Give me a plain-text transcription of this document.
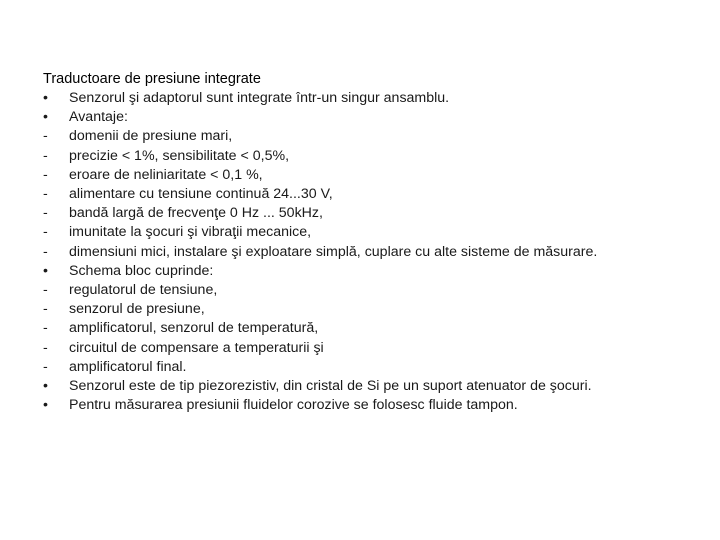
Traductoare de presiune integrate
•	Senzorul şi adaptorul sunt integrate într-un singur ansamblu.
•	Avantaje:
-	domenii de presiune mari,
-	precizie < 1%, sensibilitate < 0,5%,
-	eroare de neliniaritate < 0,1 %,
-	alimentare cu tensiune continuă 24...30 V,
-	bandă largă de frecvenţe 0 Hz ... 50kHz,
-	imunitate la şocuri şi vibraţii mecanice,
-	dimensiuni mici, instalare şi exploatare simplă, cuplare cu alte sisteme de măsurare.
•	Schema bloc cuprinde:
-	regulatorul de tensiune,
-	senzorul de presiune,
-	amplificatorul, senzorul de temperatură,
-	circuitul de compensare a temperaturii şi
-	amplificatorul final.
•	Senzorul este de tip piezorezistiv, din cristal de Si pe un suport atenuator de şocuri.
•	Pentru măsurarea presiunii fluidelor corozive se folosesc fluide tampon.
